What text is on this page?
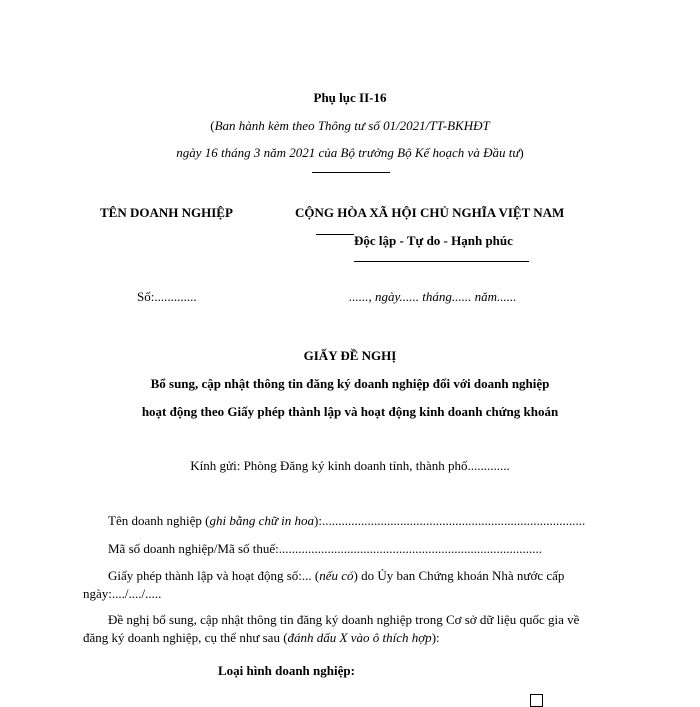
Phụ lục II-16
(Ban hành kèm theo Thông tư số 01/2021/TT-BKHĐT
ngày 16 tháng 3 năm 2021 của Bộ trưởng Bộ Kế hoạch và Đầu tư)
TÊN DOANH NGHIỆP	CỘNG HÒA XÃ HỘI CHỦ NGHĨA VIỆT NAM
Độc lập - Tự do - Hạnh phúc
Số:.............	......, ngày...... tháng...... năm......
GIẤY ĐỀ NGHỊ
Bổ sung, cập nhật thông tin đăng ký doanh nghiệp đối với doanh nghiệp
hoạt động theo Giấy phép thành lập và hoạt động kinh doanh chứng khoán
Kính gửi: Phòng Đăng ký kinh doanh tỉnh, thành phố.............
Tên doanh nghiệp (ghi bằng chữ in hoa):.................................................................................
Mã số doanh nghiệp/Mã số thuế:.................................................................................
Giấy phép thành lập và hoạt động số:... (nếu có) do Ủy ban Chứng khoán Nhà nước cấp
ngày:..../..../.....
Đề nghị bổ sung, cập nhật thông tin đăng ký doanh nghiệp trong Cơ sở dữ liệu quốc gia về
đăng ký doanh nghiệp, cụ thể như sau (đánh dấu X vào ô thích hợp):
Loại hình doanh nghiệp:
